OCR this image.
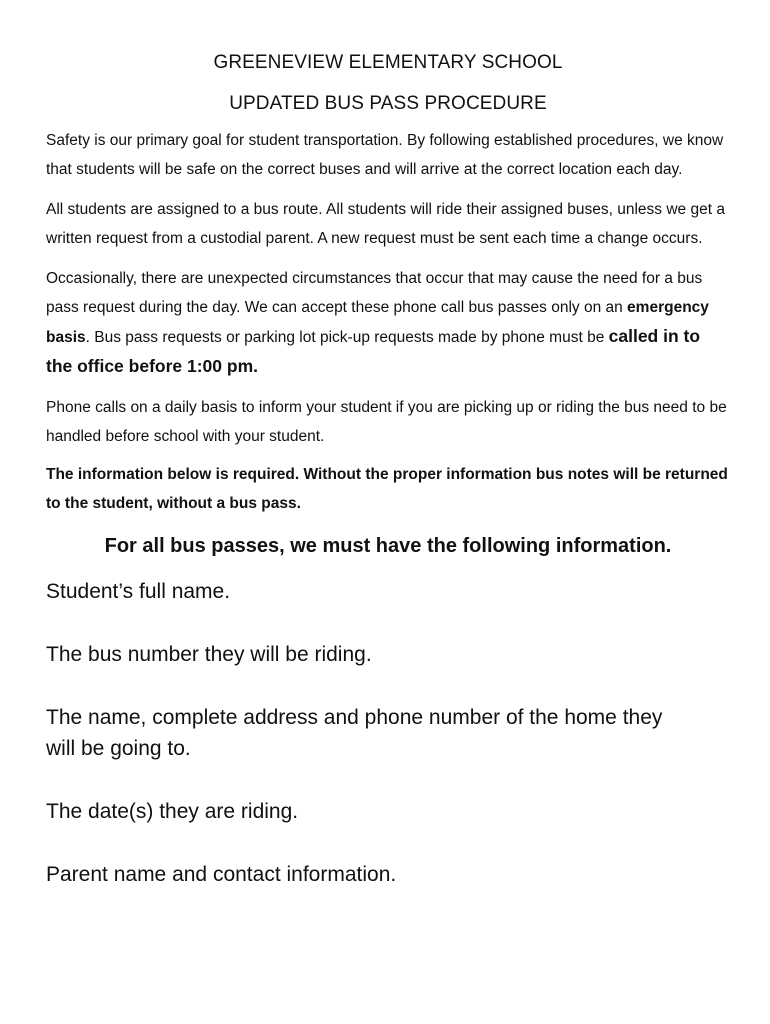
GREENEVIEW ELEMENTARY SCHOOL
UPDATED BUS PASS PROCEDURE

Safety is our primary goal for student transportation. By following established procedures, we know that students will be safe on the correct buses and will arrive at the correct location each day.

All students are assigned to a bus route. All students will ride their assigned buses, unless we get a written request from a custodial parent. A new request must be sent each time a change occurs.

Occasionally, there are unexpected circumstances that occur that may cause the need for a bus pass request during the day. We can accept these phone call bus passes only on an emergency basis. Bus pass requests or parking lot pick-up requests made by phone must be called in to the office before 1:00 pm.

Phone calls on a daily basis to inform your student if you are picking up or riding the bus need to be handled before school with your student.

The information below is required. Without the proper information bus notes will be returned to the student, without a bus pass.

For all bus passes, we must have the following information.
Student’s full name.
The bus number they will be riding.
The name, complete address and phone number of the home they will be going to.
The date(s) they are riding.
Parent name and contact information.
